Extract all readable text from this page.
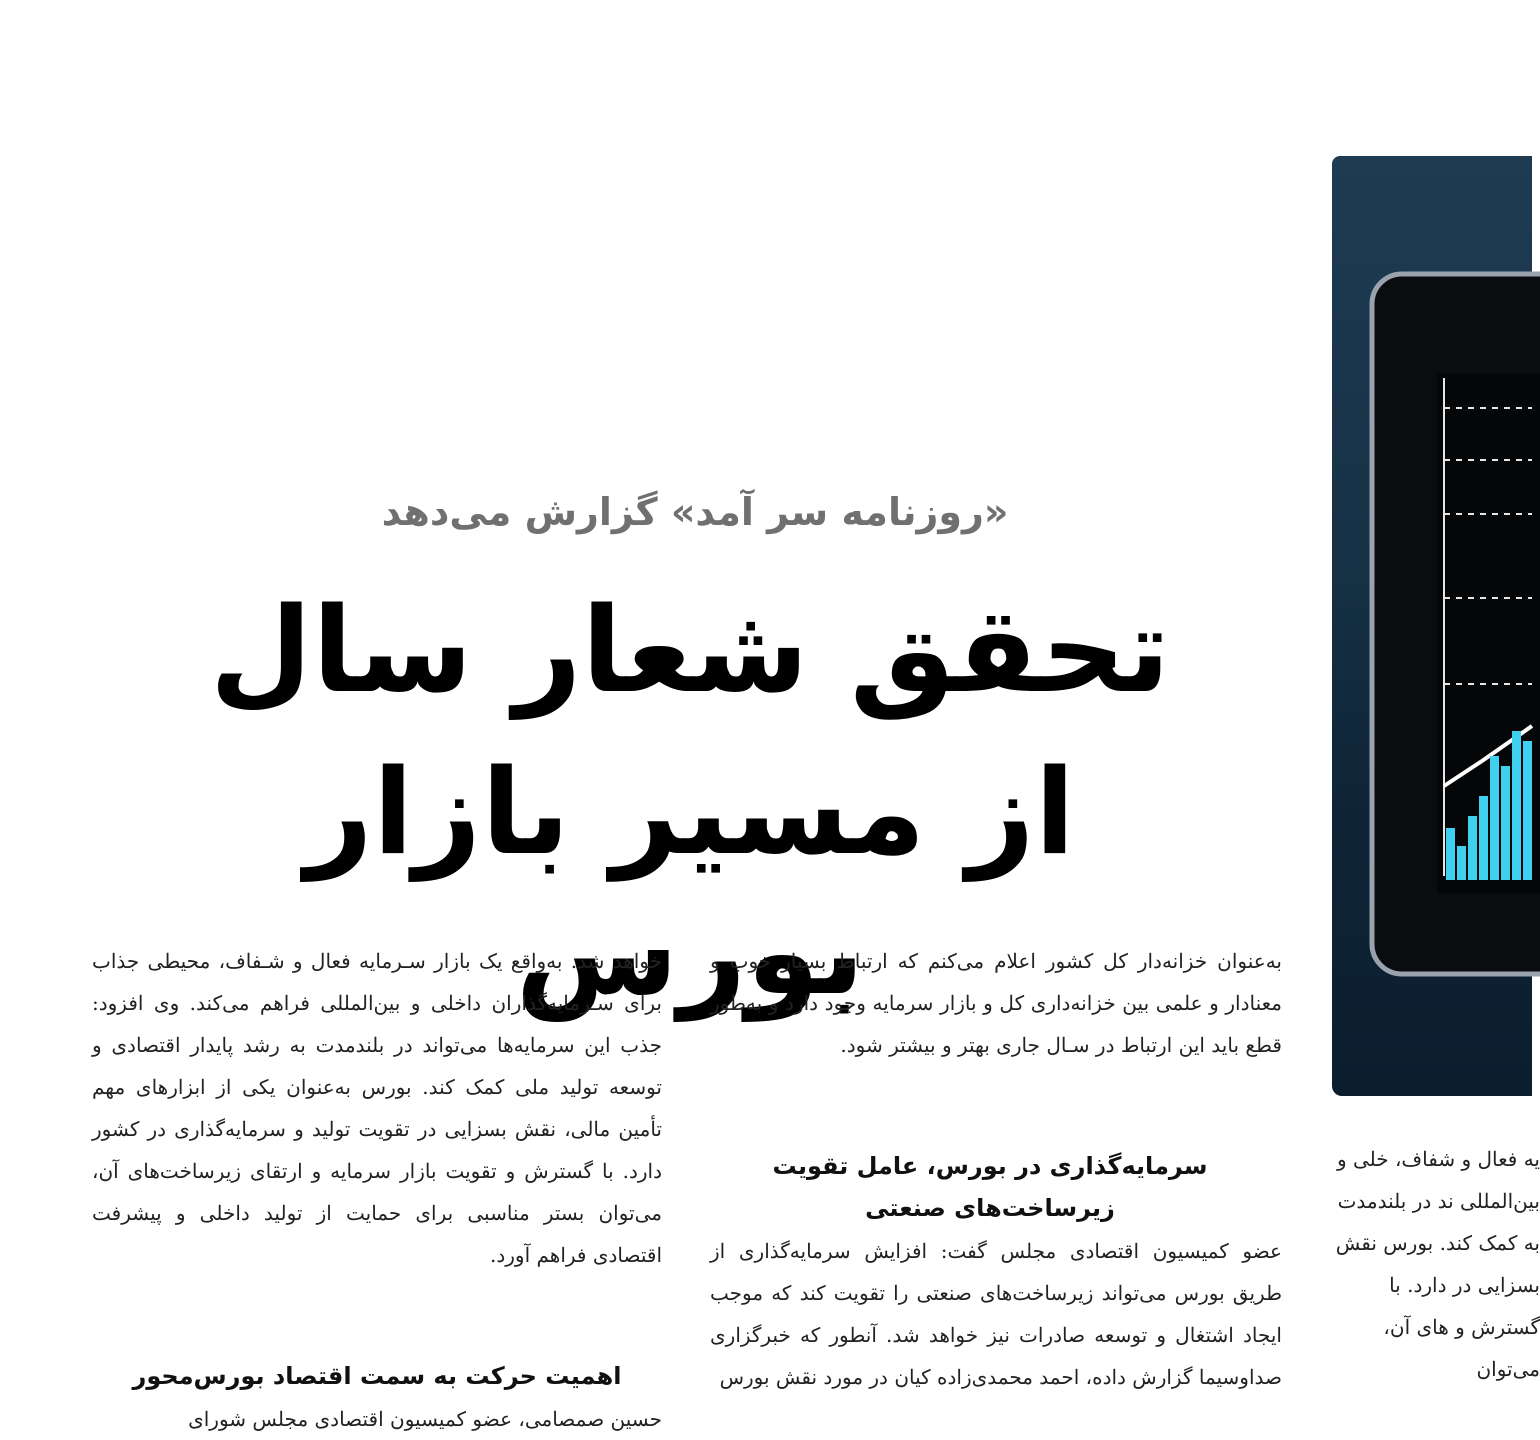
«روزنامه سر آمد» گزارش می‌دهد
تحقق شعار سال
از مسیر بازار بورس

به‌عنوان خزانه‌دار کل کشور اعلام می‌کنم که ارتباط بسیار خوب و معنادار و علمی بین خزانه‌داری کل و بازار سرمایه وجود دارد و به‌طور قطع باید این ارتباط در سـال جاری بهتر و بیشتر شود.

سرمایه‌گذاری در بورس، عامل تقویت زیرساخت‌های صنعتی

عضو کمیسیون اقتصادی مجلس گفت: افزایش سرمایه‌گذاری از طریق بورس می‌تواند زیرساخت‌های صنعتی را تقویت کند که موجب ایجاد اشتغال و توسعه صادرات نیز خواهد شد. آنطور که خبرگزاری صداوسیما گزارش داده، احمد محمدی‌زاده کیان در مورد نقش بورس

خواهد شد. به‌واقع یک بازار سـرمایه فعال و شـفاف، محیطی جذاب برای سـرمایه‌گذاران داخلی و بین‌المللی فراهم می‌کند. وی افزود: جذب این سرمایه‌ها می‌تواند در بلندمدت به رشد پایدار اقتصادی و توسعه تولید ملی کمک کند. بورس به‌عنوان یکی از ابزارهای مهم تأمین مالی، نقش بسزایی در تقویت تولید و سرمایه‌گذاری در کشور دارد. با گسترش و تقویت بازار سرمایه و ارتقای زیرساخت‌های آن، می‌توان بستر مناسبی برای حمایت از تولید داخلی و پیشرفت اقتصادی فراهم آورد.

اهمیت حرکت به سمت اقتصاد بورس‌محور

حسین صمصامی، عضو کمیسیون اقتصادی مجلس شورای

یه فعال و شفاف، خلی و بین‌المللی ند در بلندمدت به کمک کند. بورس نقش بسزایی در دارد. با گسترش و های آن، می‌توان
